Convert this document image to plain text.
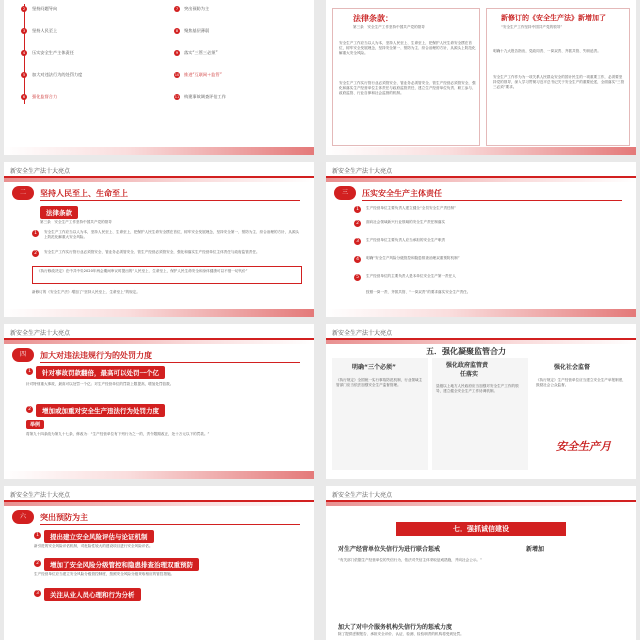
2	坚持问题导向
3	坚持人民至上
4	压实安全生产主体责任
5	加大对违法行为的处罚力度
6	强化监督合力
7	突出预防为主
8	聚焦基层薄弱
9	落实“三管三必须”
10 推进“互联网＋监管”
11 构建事故调查评估工作
法律条款：
第三条　安全生产工作坚持中国共产党的领导
安全生产工作应当以人为本，坚持人民至上、生命至上，把保护人民生命安全摆在首位，树牢安全发展理念，坚持安全第一、预防为主、综合治理的方针，从源头上防范化解重大安全风险。
安全生产工作实行管行业必须管安全、管业务必须管安全、管生产经营必须管安全，强化和落实生产经营单位主体责任与政府监管责任，建立生产经营单位负责、职工参与、政府监管、行业自律和社会监督的机制。
新修订的《安全生产法》新增加了
“安全生产工作坚持中国共产党的领导”
明确十九大报告指出，党政同责、一岗双责、齐抓共管、失职追责。
安全生产工作作为为一项关系人民群众安全的国计民生的一项重要工作，必须要坚持党的领导，深入学习贯彻习近平总书记关于安全生产的重要论述，全面落实“三管三必须”要求。
新安全生产法十大亮点
二	坚持人民至上、生命至上
法律条款
第三条　安全生产工作坚持中国共产党的领导
1	安全生产工作应当以人为本，坚持人民至上、生命至上，把保护人民生命安全摆在首位，树牢安全发展理念，坚持安全第一、预防为主、综合治理的方针，从源头上防范化解重大安全风险。
2	安全生产工作实行管行业必须管安全、管业务必须管安全、管生产经营必须管安全，强化和落实生产经营单位主体责任与政府监管责任。
《执行修改决定》在中共中央2020年两会期间审议时提出的“人民至上、生命至上，保护人民生命安全和身体健康可以不惜一切代价”
新修订的《安全生产法》增加了“坚持人民至上、生命至上”的规定。
新安全生产法十大亮点
三	压实安全生产主体责任
1	生产经营单位主要负责人建立健全“全员安全生产责任制”
2	面向社会领域新兴行业领域的安全生产责任制落实
3	生产经营单位主要负责人应当承担的安全生产职责
4	明确“安全生产风险分级管控和隐患排查治理双重预防机制”
5	生产经营单位的主要负责人是本单位安全生产第一责任人
按照一岗一责、齐抓共管、“一岗双责”的要求落实安全生产责任。
新安全生产法十大亮点
四	加大对违法违规行为的处罚力度
1	针对事故罚款翻倍，最高可以处罚一个亿
针对特别重大事故，最高可以处罚一个亿；对生产经营单位的罚款上限提高，增加处罚倍数。
2	增加或加重对安全生产违法行为处罚力度
举例
将第九十四条改为第九十七条，修改为：“生产经营单位有下列行为之一的，责令限期改正，处十万元以下的罚款。”
新安全生产法十大亮点
五．强化凝聚监管合力
明确“三个必须”
《执行规定》全国统一实行事故防范机制，行业领域主管部门应当依法加强安全生产监督管理。
强化政府监管责
任落实
县级以上地方人民政府应当加强对安全生产工作的领导，建立健全安全生产工作协调机制。
强化社会监督
《执行规定》生产经营单位应当建立安全生产举报制度，鼓励社会公众监督。
安全生产月
新安全生产法十大亮点
六	突出预防为主
1	提出建立安全风险评估与论证机制
新引进的安全风险评估机制，对危险性较大的建设项目进行安全风险评估。
2	增加了安全风险分级管控和隐患排查治理双重预防
生产经营单位应当建立安全风险分级管控制度，按照安全风险分级采取相应的管控措施。
3	关注从业人员心理和行为分析
新安全生产法十大亮点
七．强抓诚信建设
对生产经营单位失信行为进行联合惩戒	新增加
“有关部门依据生产经营单位的失信行为，依法对失信主体采取惩戒措施，并向社会公示。”
加大了对中介服务机构失信行为的惩戒力度
除了提供虚假报告、承担安全评价、认证、检测、检验职责的机构将受到处罚。
